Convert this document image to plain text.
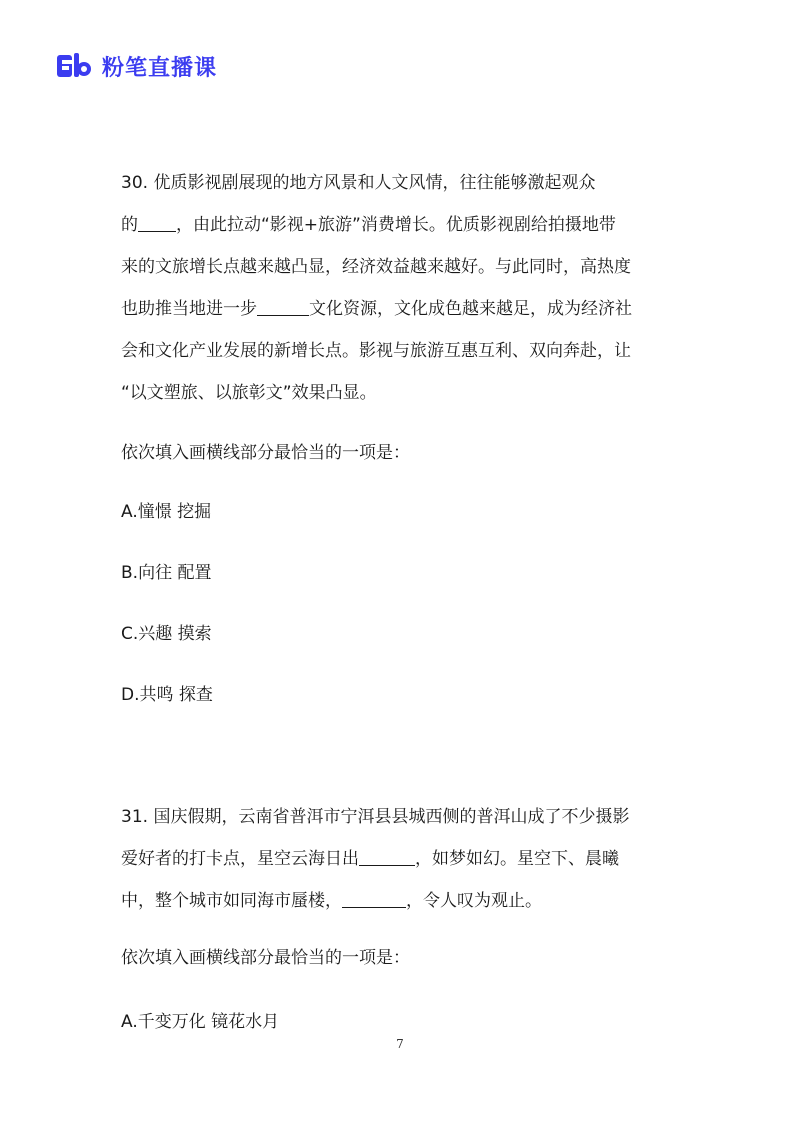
粉笔直播课
30. 优质影视剧展现的地方风景和人文风情，往往能够激起观众
的 ，由此拉动“影视+旅游”消费增长。优质影视剧给拍摄地带
来的文旅增长点越来越凸显，经济效益越来越好。与此同时，高热度
也助推当地进一步	文化资源，文化成色越来越足，成为经济社
会和文化产业发展的新增长点。影视与旅游互惠互利、双向奔赴，让
“以文塑旅、以旅彰文”效果凸显。
依次填入画横线部分最恰当的一项是：
A.憧憬 挖掘
B.向往 配置
C.兴趣 摸索
D.共鸣 探查
31. 国庆假期，云南省普洱市宁洱县县城西侧的普洱山成了不少摄影
爱好者的打卡点，星空云海日出	，如梦如幻。星空下、晨曦
中，整个城市如同海市蜃楼，	，令人叹为观止。
依次填入画横线部分最恰当的一项是：
A.千变万化 镜花水月
7
